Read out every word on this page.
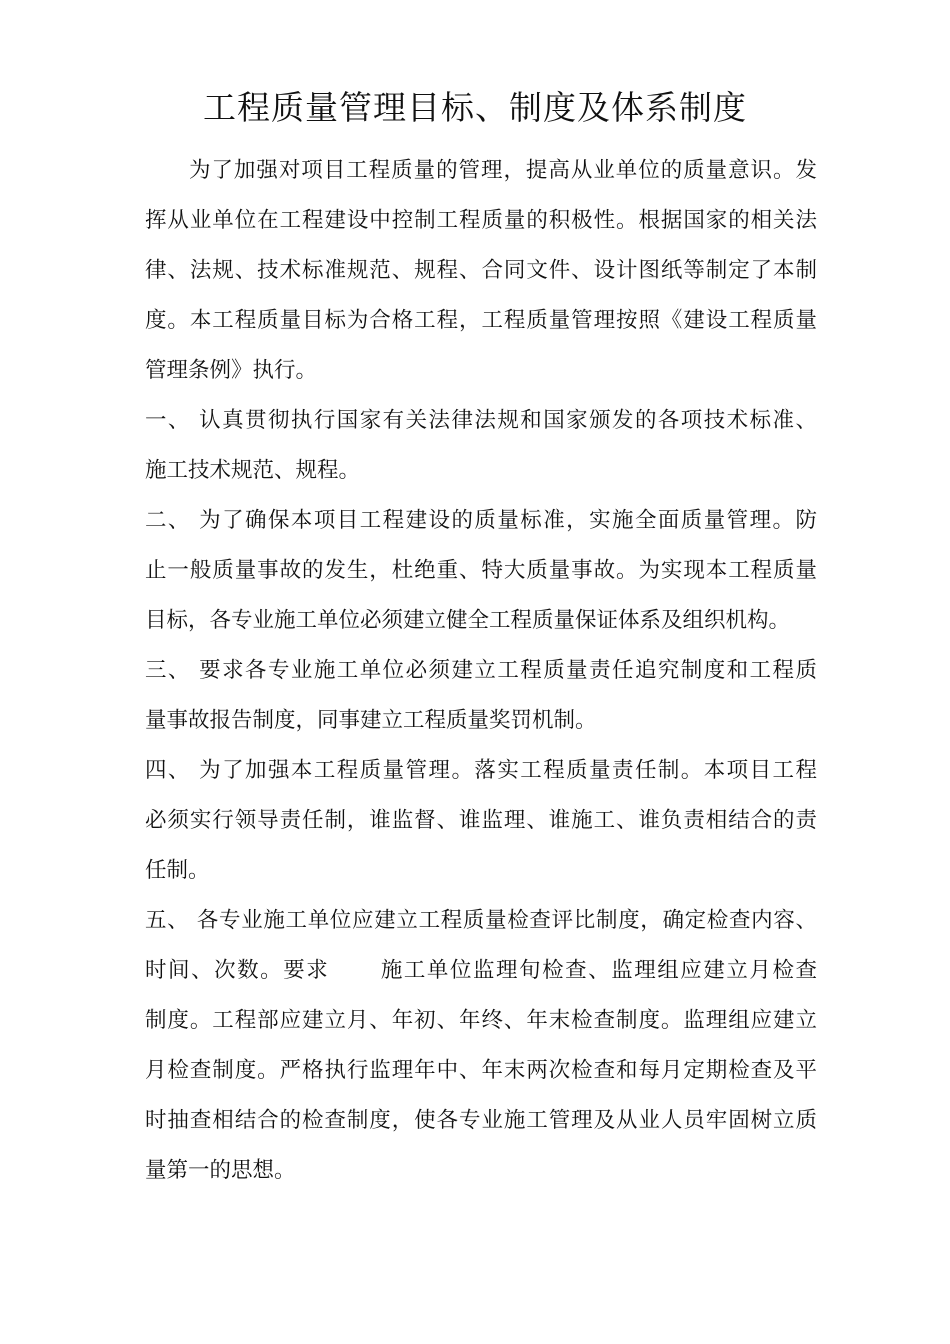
工程质量管理目标、制度及体系制度
为了加强对项目工程质量的管理，提高从业单位的质量意识。发
挥从业单位在工程建设中控制工程质量的积极性。根据国家的相关法
律、法规、技术标准规范、规程、合同文件、设计图纸等制定了本制
度。本工程质量目标为合格工程，工程质量管理按照《建设工程质量
管理条例》执行。
一、 认真贯彻执行国家有关法律法规和国家颁发的各项技术标准、
施工技术规范、规程。
二、 为了确保本项目工程建设的质量标准，实施全面质量管理。防
止一般质量事故的发生，杜绝重、特大质量事故。为实现本工程质量
目标，各专业施工单位必须建立健全工程质量保证体系及组织机构。
三、 要求各专业施工单位必须建立工程质量责任追究制度和工程质
量事故报告制度，同事建立工程质量奖罚机制。
四、 为了加强本工程质量管理。落实工程质量责任制。本项目工程
必须实行领导责任制，谁监督、谁监理、谁施工、谁负责相结合的责
任制。
五、 各专业施工单位应建立工程质量检查评比制度，确定检查内容、
时间、次数。要求 施工单位监理旬检查、监理组应建立月检查
制度。工程部应建立月、年初、年终、年末检查制度。监理组应建立
月检查制度。严格执行监理年中、年末两次检查和每月定期检查及平
时抽查相结合的检查制度，使各专业施工管理及从业人员牢固树立质
量第一的思想。
